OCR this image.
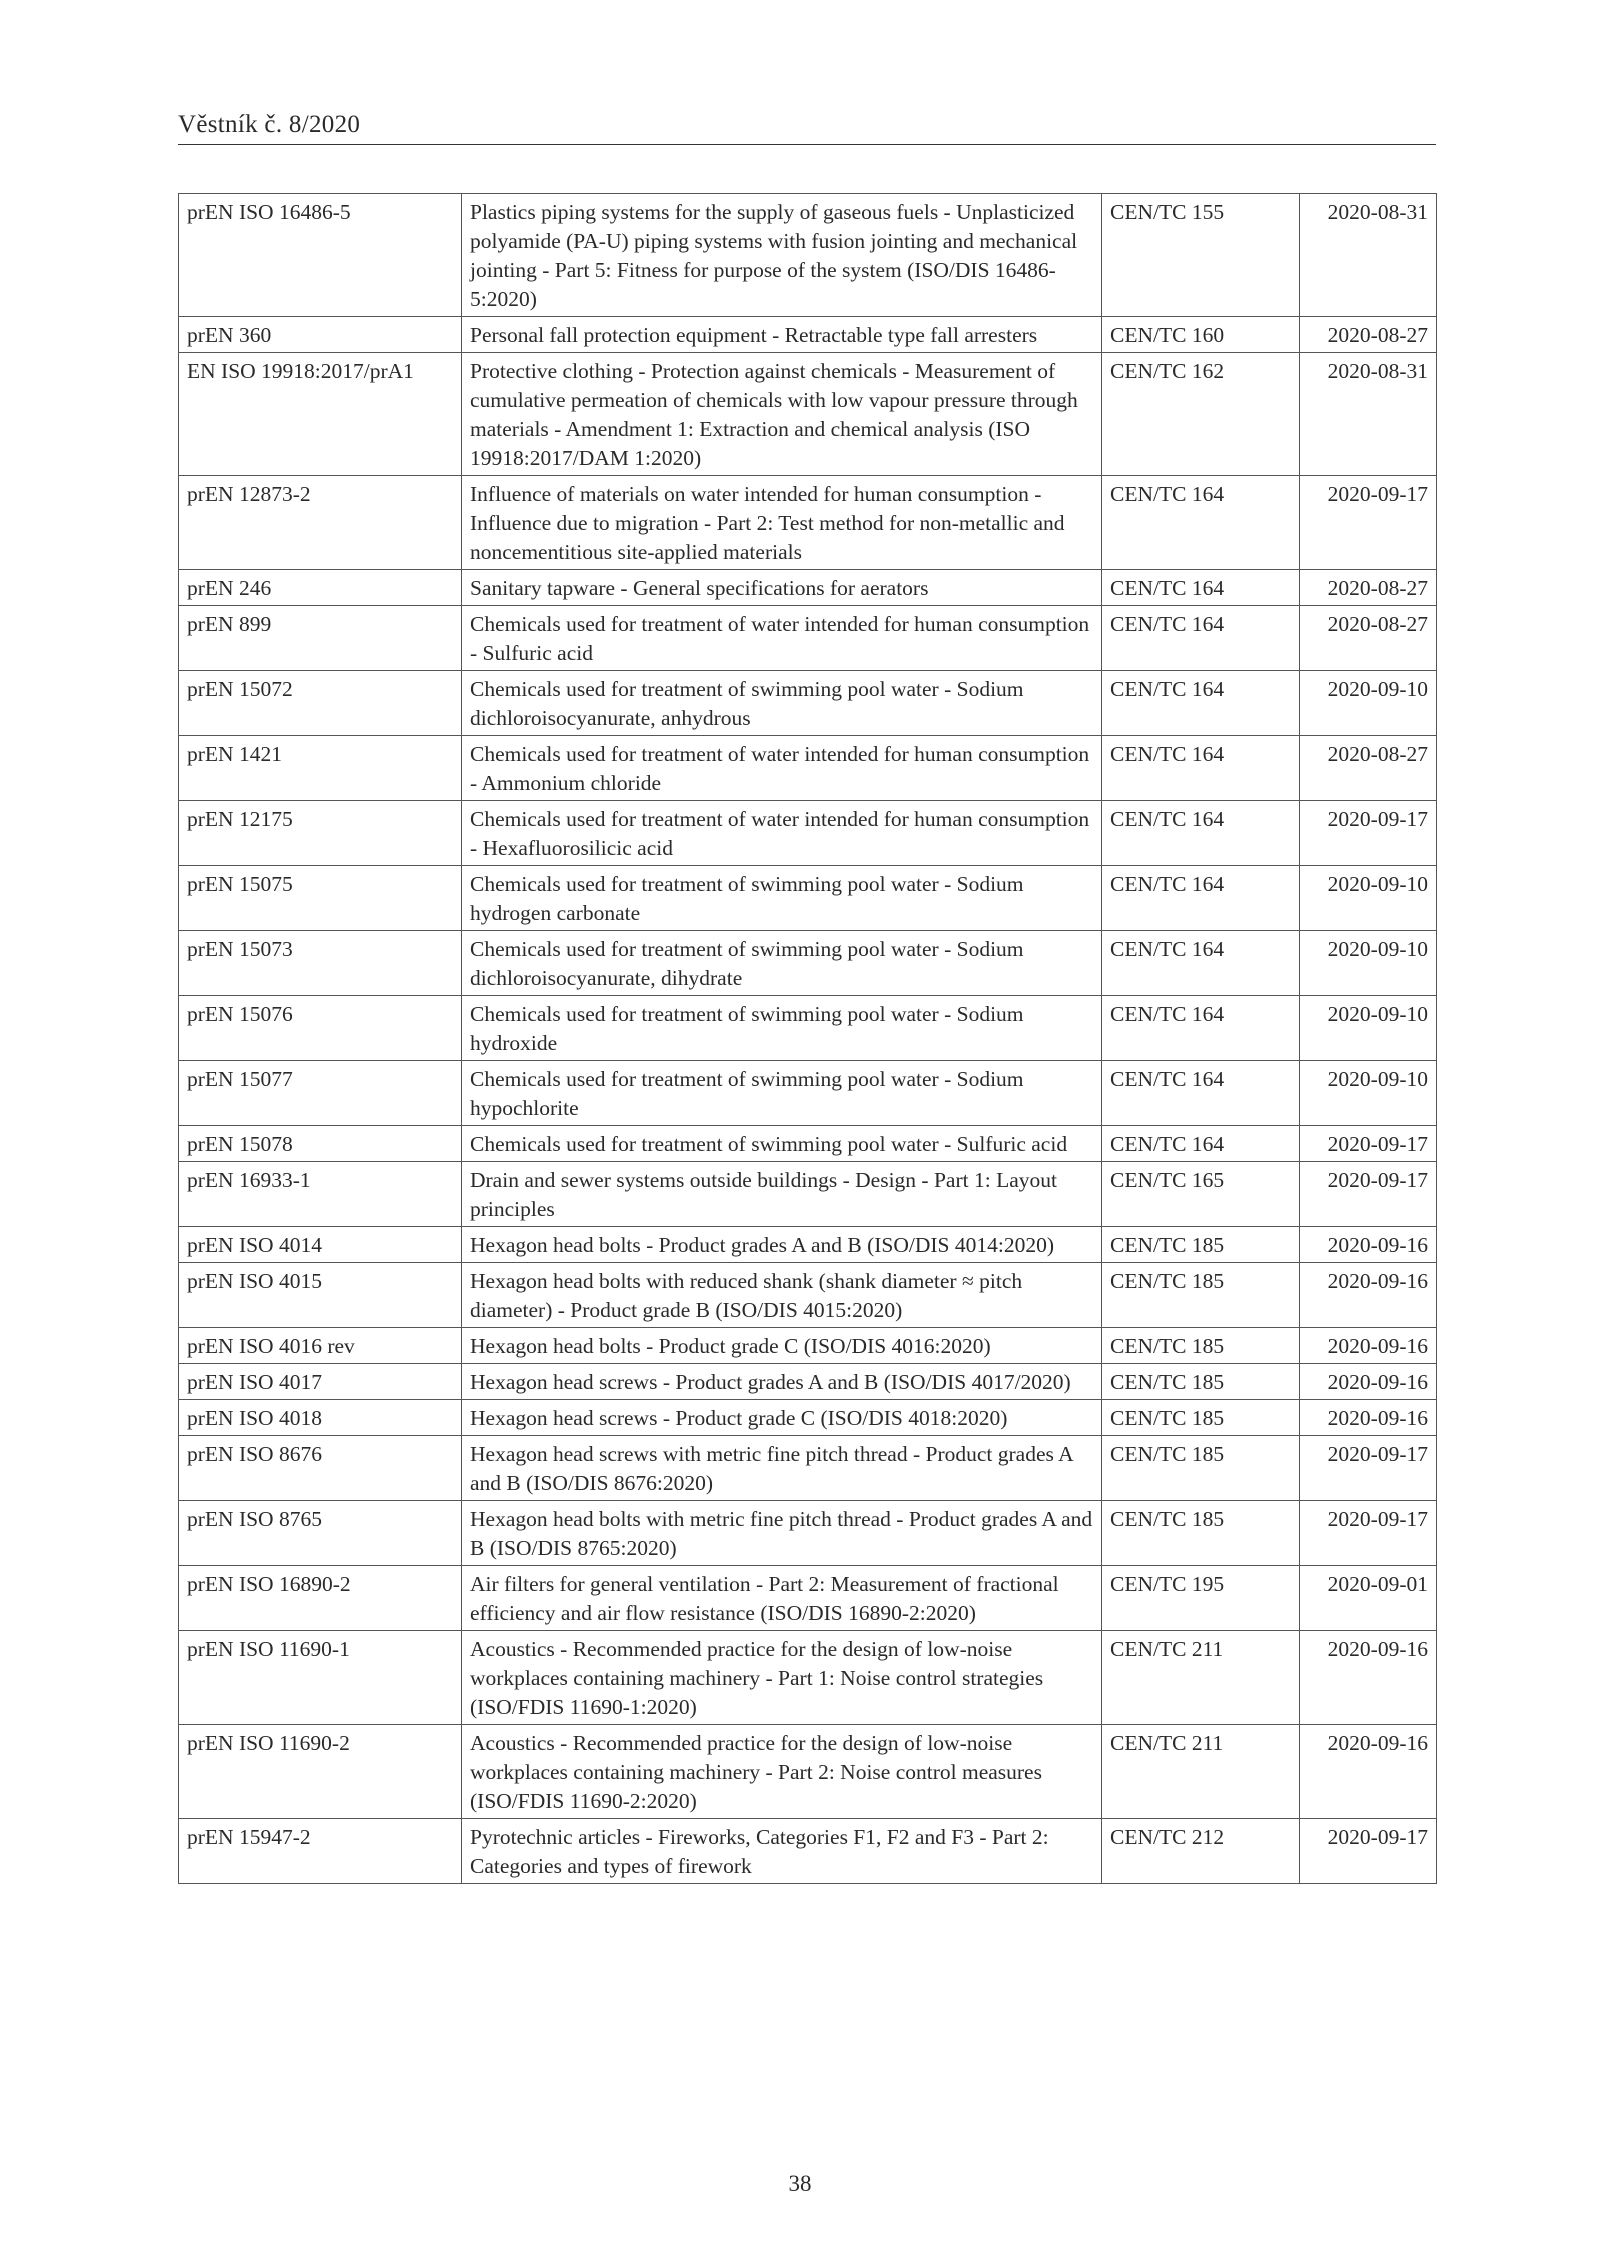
Věstník č. 8/2020
prEN ISO 16486-5	Plastics piping systems for the supply of gaseous fuels - Unplasticized polyamide (PA-U) piping systems with fusion jointing and mechanical jointing - Part 5: Fitness for purpose of the system (ISO/DIS 16486-5:2020)	CEN/TC 155	2020-08-31
prEN 360	Personal fall protection equipment - Retractable type fall arresters	CEN/TC 160	2020-08-27
EN ISO 19918:2017/prA1	Protective clothing - Protection against chemicals - Measurement of cumulative permeation of chemicals with low vapour pressure through materials - Amendment 1: Extraction and chemical analysis (ISO 19918:2017/DAM 1:2020)	CEN/TC 162	2020-08-31
prEN 12873-2	Influence of materials on water intended for human consumption - Influence due to migration - Part 2: Test method for non-metallic and noncementitious site-applied materials	CEN/TC 164	2020-09-17
prEN 246	Sanitary tapware - General specifications for aerators	CEN/TC 164	2020-08-27
prEN 899	Chemicals used for treatment of water intended for human consumption - Sulfuric acid	CEN/TC 164	2020-08-27
prEN 15072	Chemicals used for treatment of swimming pool water - Sodium dichloroisocyanurate, anhydrous	CEN/TC 164	2020-09-10
prEN 1421	Chemicals used for treatment of water intended for human consumption - Ammonium chloride	CEN/TC 164	2020-08-27
prEN 12175	Chemicals used for treatment of water intended for human consumption - Hexafluorosilicic acid	CEN/TC 164	2020-09-17
prEN 15075	Chemicals used for treatment of swimming pool water - Sodium hydrogen carbonate	CEN/TC 164	2020-09-10
prEN 15073	Chemicals used for treatment of swimming pool water - Sodium dichloroisocyanurate, dihydrate	CEN/TC 164	2020-09-10
prEN 15076	Chemicals used for treatment of swimming pool water - Sodium hydroxide	CEN/TC 164	2020-09-10
prEN 15077	Chemicals used for treatment of swimming pool water - Sodium hypochlorite	CEN/TC 164	2020-09-10
prEN 15078	Chemicals used for treatment of swimming pool water - Sulfuric acid	CEN/TC 164	2020-09-17
prEN 16933-1	Drain and sewer systems outside buildings - Design - Part 1: Layout principles	CEN/TC 165	2020-09-17
prEN ISO 4014	Hexagon head bolts - Product grades A and B (ISO/DIS 4014:2020)	CEN/TC 185	2020-09-16
prEN ISO 4015	Hexagon head bolts with reduced shank (shank diameter ≈ pitch diameter) - Product grade B (ISO/DIS 4015:2020)	CEN/TC 185	2020-09-16
prEN ISO 4016 rev	Hexagon head bolts - Product grade C (ISO/DIS 4016:2020)	CEN/TC 185	2020-09-16
prEN ISO 4017	Hexagon head screws - Product grades A and B (ISO/DIS 4017/2020)	CEN/TC 185	2020-09-16
prEN ISO 4018	Hexagon head screws - Product grade C (ISO/DIS 4018:2020)	CEN/TC 185	2020-09-16
prEN ISO 8676	Hexagon head screws with metric fine pitch thread - Product grades A and B (ISO/DIS 8676:2020)	CEN/TC 185	2020-09-17
prEN ISO 8765	Hexagon head bolts with metric fine pitch thread - Product grades A and B (ISO/DIS 8765:2020)	CEN/TC 185	2020-09-17
prEN ISO 16890-2	Air filters for general ventilation - Part 2: Measurement of fractional efficiency and air flow resistance (ISO/DIS 16890-2:2020)	CEN/TC 195	2020-09-01
prEN ISO 11690-1	Acoustics - Recommended practice for the design of low-noise workplaces containing machinery - Part 1: Noise control strategies (ISO/FDIS 11690-1:2020)	CEN/TC 211	2020-09-16
prEN ISO 11690-2	Acoustics - Recommended practice for the design of low-noise workplaces containing machinery - Part 2: Noise control measures (ISO/FDIS 11690-2:2020)	CEN/TC 211	2020-09-16
prEN 15947-2	Pyrotechnic articles - Fireworks, Categories F1, F2 and F3 - Part 2: Categories and types of firework	CEN/TC 212	2020-09-17
38
